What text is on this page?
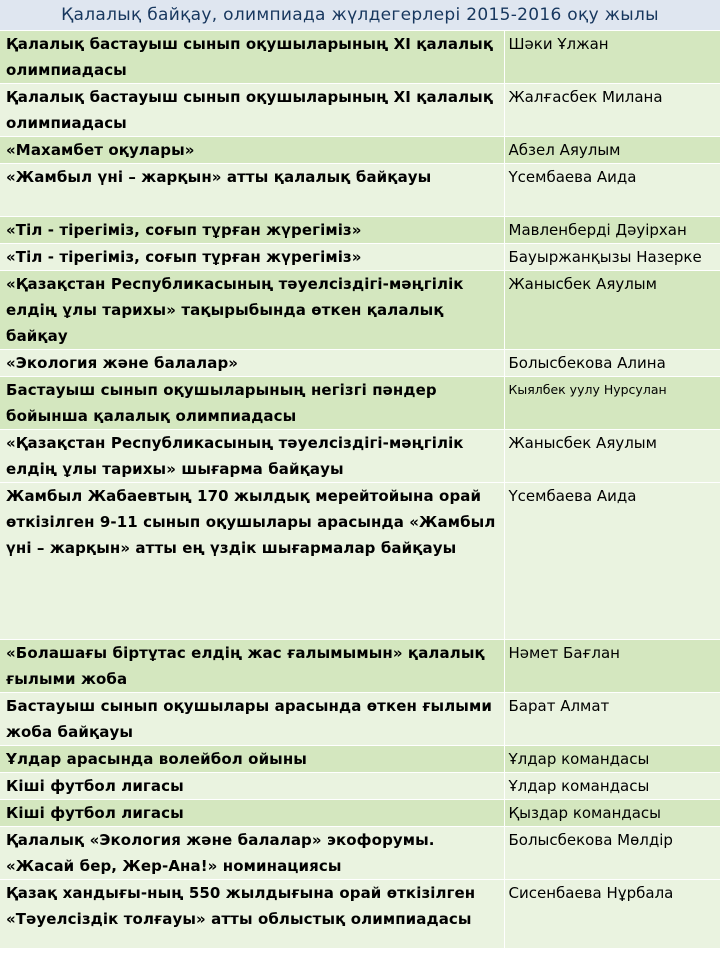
Қалалық байқау, олимпиада жүлдегерлері 2015-2016 оқу жылы
Қалалық бастауыш сынып оқушыларының XI қалалық олимпиадасы	Шәки Ұлжан
Қалалық бастауыш сынып оқушыларының XI қалалық олимпиадасы	Жалғасбек Милана
«Махамбет оқулары»	Абзел Аяулым
«Жамбыл үні – жарқын» атты қалалық байқауы	Үсембаева Аида
«Тіл - тірегіміз, соғып тұрған жүрегіміз»	Мавленберді Дәуірхан
«Тіл - тірегіміз, соғып тұрған жүрегіміз»	Бауыржанқызы Назерке
«Қазақстан Республикасының тәуелсіздігі-мәңгілік елдің ұлы тарихы» тақырыбында өткен қалалық байқау	Жанысбек Аяулым
«Экология және балалар»	Болысбекова Алина
Бастауыш сынып оқушыларының негізгі пәндер бойынша қалалық олимпиадасы	Кыялбек уулу Нурсулан
«Қазақстан Республикасының тәуелсіздігі-мәңгілік елдің ұлы тарихы» шығарма байқауы	Жанысбек Аяулым
Жамбыл Жабаевтың 170 жылдық мерейтойына орай өткізілген 9-11 сынып оқушылары арасында «Жамбыл үні – жарқын» атты ең үздік шығармалар байқауы	Үсембаева Аида
«Болашағы біртұтас елдің жас ғалымымын» қалалық ғылыми жоба	Нәмет Бағлан
Бастауыш сынып оқушылары арасында өткен ғылыми жоба байқауы	Барат Алмат
Ұлдар арасында волейбол ойыны	Ұлдар командасы
Кіші футбол лигасы	Ұлдар командасы
Кіші футбол лигасы	Қыздар командасы
Қалалық «Экология және балалар» экофорумы. «Жасай бер, Жер-Ана!» номинациясы	Болысбекова Мөлдір
Қазақ хандығы-ның 550 жылдығына орай өткізілген «Тәуелсіздік толғауы» атты облыстық олимпиадасы	Сисенбаева Нұрбала
